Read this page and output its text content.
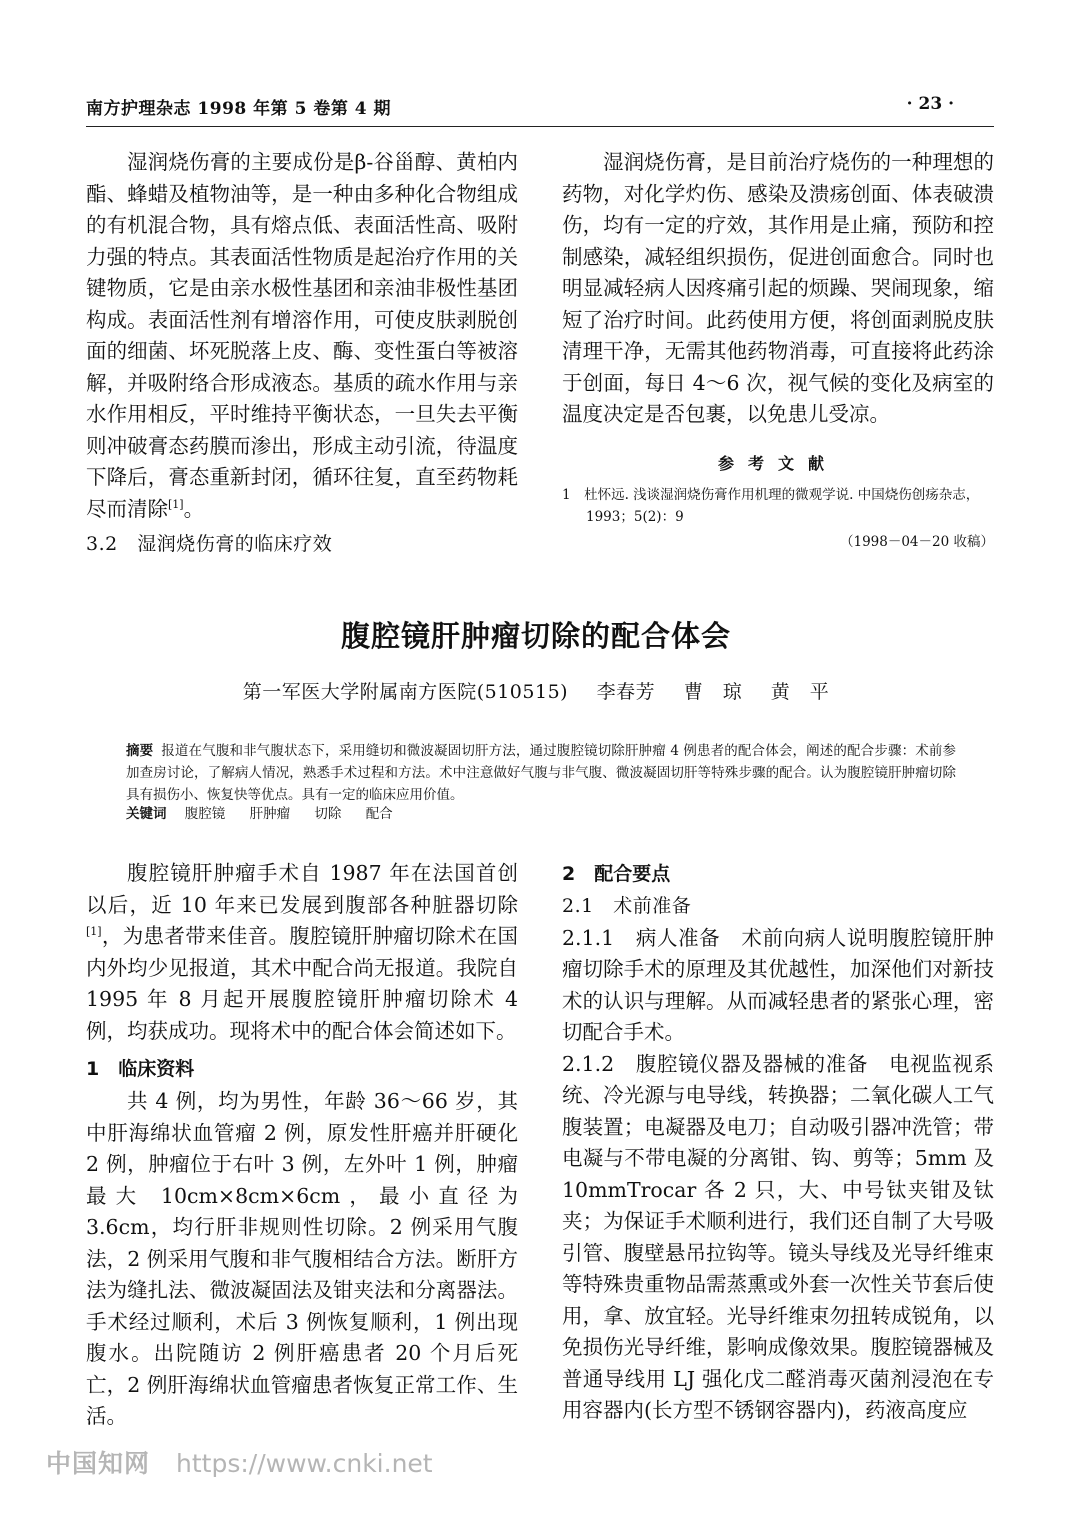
南方护理杂志 1998 年第 5 卷第 4 期	· 23 ·

湿润烧伤膏的主要成份是β-谷甾醇、黄柏内酯、蜂蜡及植物油等，是一种由多种化合物组成的有机混合物，具有熔点低、表面活性高、吸附力强的特点。其表面活性物质是起治疗作用的关键物质，它是由亲水极性基团和亲油非极性基团构成。表面活性剂有增溶作用，可使皮肤剥脱创面的细菌、坏死脱落上皮、酶、变性蛋白等被溶解，并吸附络合形成液态。基质的疏水作用与亲水作用相反，平时维持平衡状态，一旦失去平衡则冲破膏态药膜而渗出，形成主动引流，待温度下降后，膏态重新封闭，循环往复，直至药物耗尽而清除[1]。

3.2　湿润烧伤膏的临床疗效

湿润烧伤膏，是目前治疗烧伤的一种理想的药物，对化学灼伤、感染及溃疡创面、体表破溃伤，均有一定的疗效，其作用是止痛，预防和控制感染，减轻组织损伤，促进创面愈合。同时也明显减轻病人因疼痛引起的烦躁、哭闹现象，缩短了治疗时间。此药使用方便，将创面剥脱皮肤清理干净，无需其他药物消毒，可直接将此药涂于创面，每日 4～6 次，视气候的变化及病室的温度决定是否包裹，以免患儿受凉。

参考文献

1　杜怀远. 浅谈湿润烧伤膏作用机理的微观学说. 中国烧伤创疡杂志，1993；5(2)：9

（1998－04－20 收稿）
腹腔镜肝肿瘤切除的配合体会
第一军医大学附属南方医院(510515) 李春芳 曹　琼 黄　平
摘要 报道在气腹和非气腹状态下，采用缝切和微波凝固切肝方法，通过腹腔镜切除肝肿瘤 4 例患者的配合体会，阐述的配合步骤：术前参加查房讨论，了解病人情况，熟悉手术过程和方法。术中注意做好气腹与非气腹、微波凝固切肝等特殊步骤的配合。认为腹腔镜肝肿瘤切除具有损伤小、恢复快等优点。具有一定的临床应用价值。
关键词 腹腔镜 肝肿瘤 切除 配合

腹腔镜肝肿瘤手术自 1987 年在法国首创以后，近 10 年来已发展到腹部各种脏器切除[1]，为患者带来佳音。腹腔镜肝肿瘤切除术在国内外均少见报道，其术中配合尚无报道。我院自 1995 年 8 月起开展腹腔镜肝肿瘤切除术 4 例，均获成功。现将术中的配合体会简述如下。

1　临床资料

共 4 例，均为男性，年龄 36～66 岁，其中肝海绵状血管瘤 2 例，原发性肝癌并肝硬化 2 例，肿瘤位于右叶 3 例，左外叶 1 例，肿瘤最大 10cm×8cm×6cm，最小直径为 3.6cm，均行肝非规则性切除。2 例采用气腹法，2 例采用气腹和非气腹相结合方法。断肝方法为缝扎法、微波凝固法及钳夹法和分离器法。手术经过顺利，术后 3 例恢复顺利，1 例出现腹水。出院随访 2 例肝癌患者 20 个月后死亡，2 例肝海绵状血管瘤患者恢复正常工作、生活。

2　配合要点

2.1　术前准备

2.1.1　病人准备　术前向病人说明腹腔镜肝肿瘤切除手术的原理及其优越性，加深他们对新技术的认识与理解。从而减轻患者的紧张心理，密切配合手术。

2.1.2　腹腔镜仪器及器械的准备　电视监视系统、冷光源与电导线，转换器；二氧化碳人工气腹装置；电凝器及电刀；自动吸引器冲洗管；带电凝与不带电凝的分离钳、钩、剪等；5mm 及 10mmTrocar 各 2 只，大、中号钛夹钳及钛夹；为保证手术顺利进行，我们还自制了大号吸引管、腹壁悬吊拉钩等。镜头导线及光导纤维束等特殊贵重物品需蒸熏或外套一次性关节套后使用，拿、放宜轻。光导纤维束勿扭转成锐角，以免损伤光导纤维，影响成像效果。腹腔镜器械及普通导线用 LJ 强化戊二醛消毒灭菌剂浸泡在专用容器内(长方型不锈钢容器内)，药液高度应

中国知网 https://www.cnki.net
